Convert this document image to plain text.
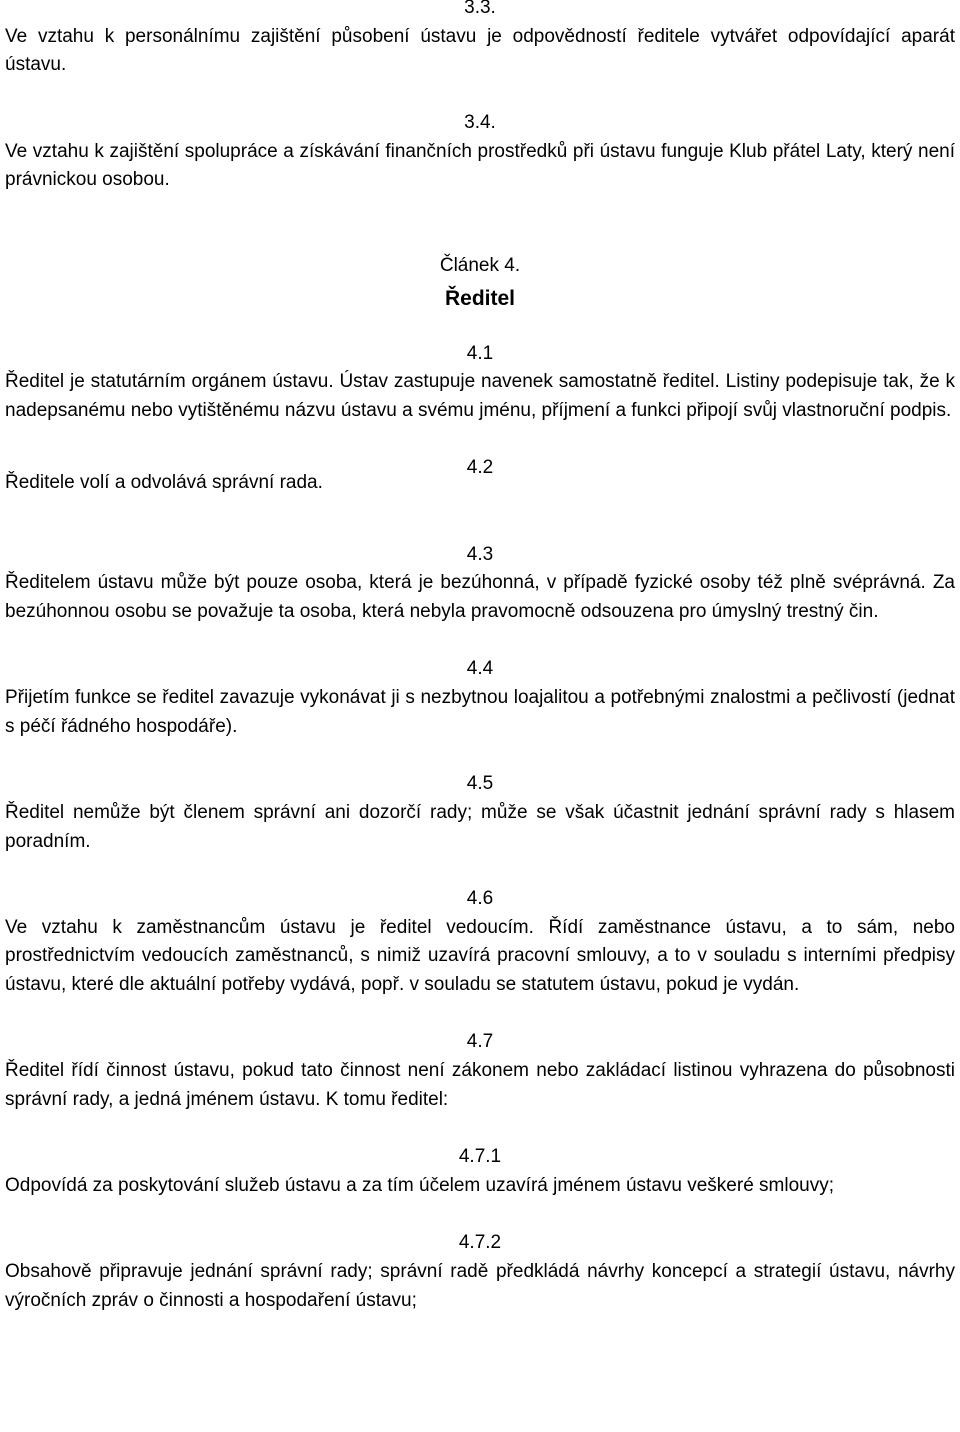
3.3.

Ve vztahu k personálnímu zajištění působení ústavu je odpovědností ředitele vytvářet odpovídající aparát ústavu.

3.4.

Ve vztahu k zajištění spolupráce a získávání finančních prostředků při ústavu funguje Klub přátel Laty, který není právnickou osobou.

Článek 4.
Ředitel
4.1

Ředitel je statutárním orgánem ústavu. Ústav zastupuje navenek samostatně ředitel. Listiny podepisuje tak, že k nadepsanému nebo vytištěnému názvu ústavu a svému jménu, příjmení a funkci připojí svůj vlastnoruční podpis.

4.2
Ředitele volí a odvolává správní rada.
4.3

Ředitelem ústavu může být pouze osoba, která je bezúhonná, v případě fyzické osoby též plně svéprávná. Za bezúhonnou osobu se považuje ta osoba, která nebyla pravomocně odsouzena pro úmyslný trestný čin.

4.4

Přijetím funkce se ředitel zavazuje vykonávat ji s nezbytnou loajalitou a potřebnými znalostmi a pečlivostí (jednat s péčí řádného hospodáře).

4.5

Ředitel nemůže být členem správní ani dozorčí rady; může se však účastnit jednání správní rady s hlasem poradním.

4.6

Ve vztahu k zaměstnancům ústavu je ředitel vedoucím. Řídí zaměstnance ústavu, a to sám, nebo prostřednictvím vedoucích zaměstnanců, s nimiž uzavírá pracovní smlouvy, a to v souladu s interními předpisy ústavu, které dle aktuální potřeby vydává, popř. v souladu se statutem ústavu, pokud je vydán.

4.7

Ředitel řídí činnost ústavu, pokud tato činnost není zákonem nebo zakládací listinou vyhrazena do působnosti správní rady, a jedná jménem ústavu. K tomu ředitel:

4.7.1

Odpovídá za poskytování služeb ústavu a za tím účelem uzavírá jménem ústavu veškeré smlouvy;

4.7.2

Obsahově připravuje jednání správní rady; správní radě předkládá návrhy koncepcí a strategií ústavu, návrhy výročních zpráv o činnosti a hospodaření ústavu;
